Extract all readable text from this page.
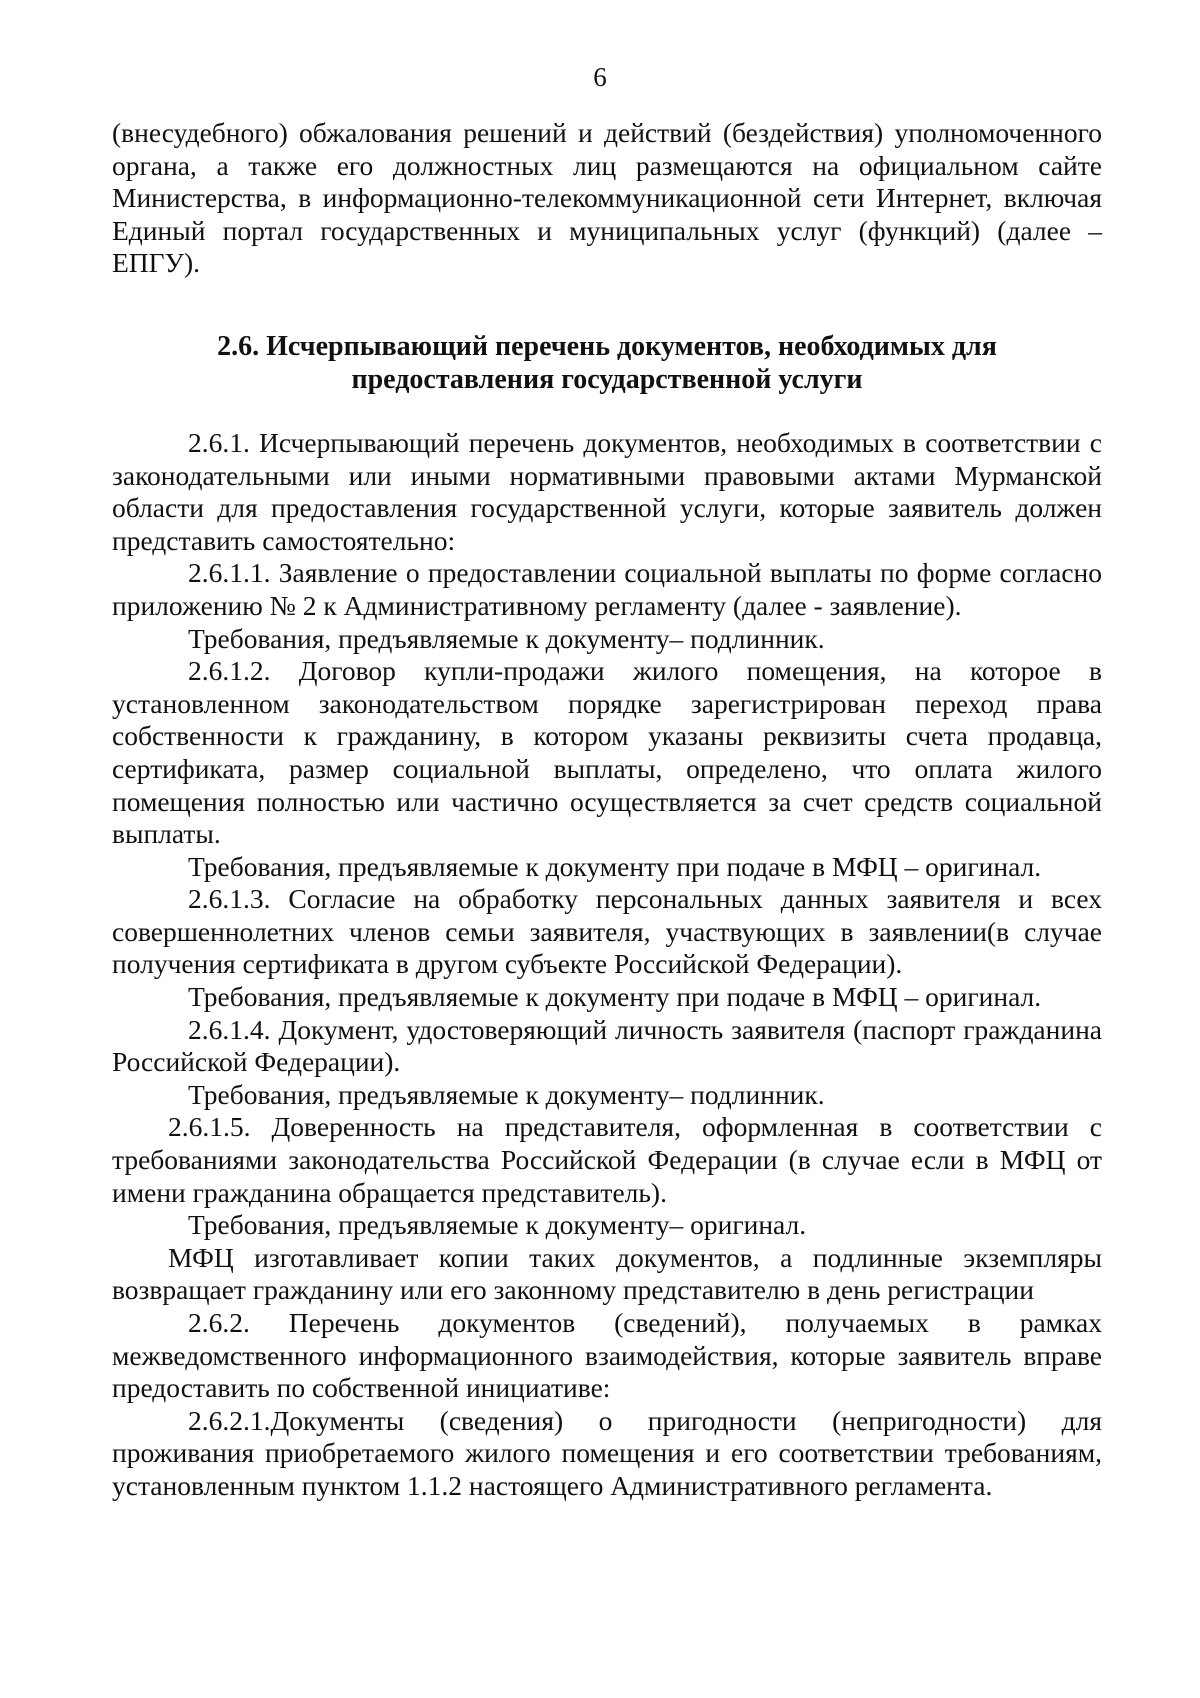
6

(внесудебного) обжалования решений и действий (бездействия) уполномоченного органа, а также его должностных лиц размещаются на официальном сайте Министерства, в информационно-телекоммуникационной сети Интернет, включая Единый портал государственных и муниципальных услуг (функций) (далее – ЕПГУ).

2.6. Исчерпывающий перечень документов, необходимых для
предоставления государственной услуги

2.6.1. Исчерпывающий перечень документов, необходимых в соответствии с законодательными или иными нормативными правовыми актами Мурманской области для предоставления государственной услуги, которые заявитель должен представить самостоятельно:

2.6.1.1. Заявление о предоставлении социальной выплаты по форме согласно приложению № 2 к Административному регламенту (далее - заявление).

Требования, предъявляемые к документу– подлинник.

2.6.1.2. Договор купли-продажи жилого помещения, на которое в установленном законодательством порядке зарегистрирован переход права собственности к гражданину, в котором указаны реквизиты счета продавца, сертификата, размер социальной выплаты, определено, что оплата жилого помещения полностью или частично осуществляется за счет средств социальной выплаты.

Требования, предъявляемые к документу при подаче в МФЦ – оригинал.

2.6.1.3. Согласие на обработку персональных данных заявителя и всех совершеннолетних членов семьи заявителя, участвующих в заявлении(в случае получения сертификата в другом субъекте Российской Федерации).

Требования, предъявляемые к документу при подаче в МФЦ – оригинал.

2.6.1.4. Документ, удостоверяющий личность заявителя (паспорт гражданина Российской Федерации).

Требования, предъявляемые к документу– подлинник.

2.6.1.5. Доверенность на представителя, оформленная в соответствии с требованиями законодательства Российской Федерации (в случае если в МФЦ от имени гражданина обращается представитель).

Требования, предъявляемые к документу– оригинал.

МФЦ изготавливает копии таких документов, а подлинные экземпляры возвращает гражданину или его законному представителю в день регистрации

2.6.2. Перечень документов (сведений), получаемых в рамках межведомственного информационного взаимодействия, которые заявитель вправе предоставить по собственной инициативе:

2.6.2.1.Документы (сведения) о пригодности (непригодности) для проживания приобретаемого жилого помещения и его соответствии требованиям, установленным пунктом 1.1.2 настоящего Административного регламента.
